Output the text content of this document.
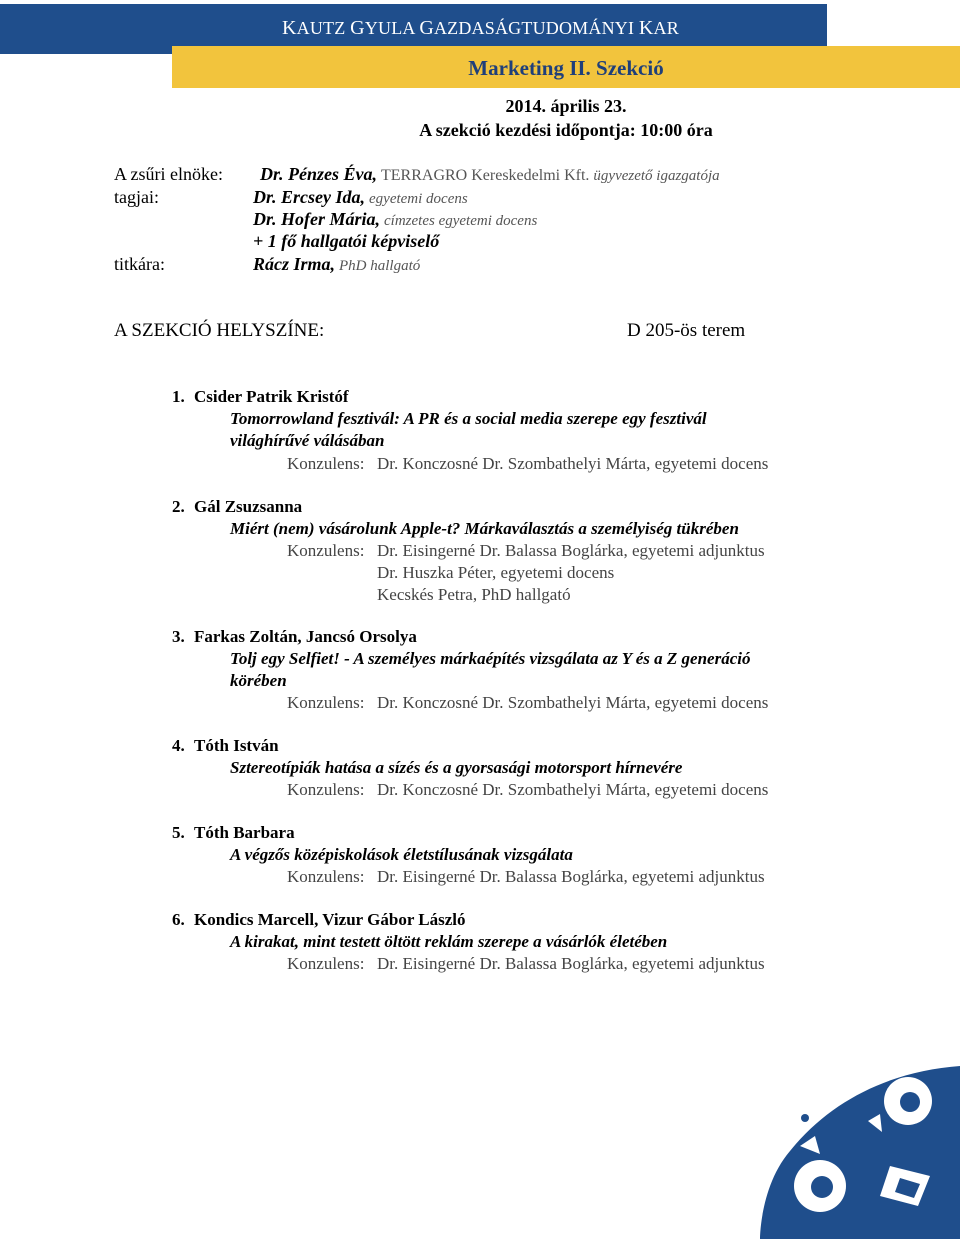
KAUTZ GYULA GAZDASÁGTUDOMÁNYI KAR
Marketing II. Szekció
2014. április 23.
A szekció kezdési időpontja: 10:00 óra
A zsűri elnöke: Dr. Pénzes Éva, TERRAGRO Kereskedelmi Kft. ügyvezető igazgatója
tagjai:	Dr. Ercsey Ida, egyetemi docens
Dr. Hofer Mária, címzetes egyetemi docens
+ 1 fő hallgatói képviselő
titkára:	Rácz Irma, PhD hallgató
A SZEKCIÓ HELYSZÍNE:	D 205-ös terem
1. Csider Patrik Kristóf
Tomorrowland fesztivál: A PR és a social media szerepe egy fesztivál
világhírűvé válásában
Konzulens: Dr. Konczosné Dr. Szombathelyi Márta, egyetemi docens
2. Gál Zsuzsanna
Miért (nem) vásárolunk Apple-t? Márkaválasztás a személyiség tükrében
Konzulens: Dr. Eisingerné Dr. Balassa Boglárka, egyetemi adjunktus
Dr. Huszka Péter, egyetemi docens
Kecskés Petra, PhD hallgató
3. Farkas Zoltán, Jancsó Orsolya
Tolj egy Selfiet! - A személyes márkaépítés vizsgálata az Y és a Z generáció
körében
Konzulens: Dr. Konczosné Dr. Szombathelyi Márta, egyetemi docens
4. Tóth István
Sztereotípiák hatása a sízés és a gyorsasági motorsport hírnevére
Konzulens: Dr. Konczosné Dr. Szombathelyi Márta, egyetemi docens
5. Tóth Barbara
A végzős középiskolások életstílusának vizsgálata
Konzulens: Dr. Eisingerné Dr. Balassa Boglárka, egyetemi adjunktus
6. Kondics Marcell, Vizur Gábor László
A kirakat, mint testett öltött reklám szerepe a vásárlók életében
Konzulens: Dr. Eisingerné Dr. Balassa Boglárka, egyetemi adjunktus
